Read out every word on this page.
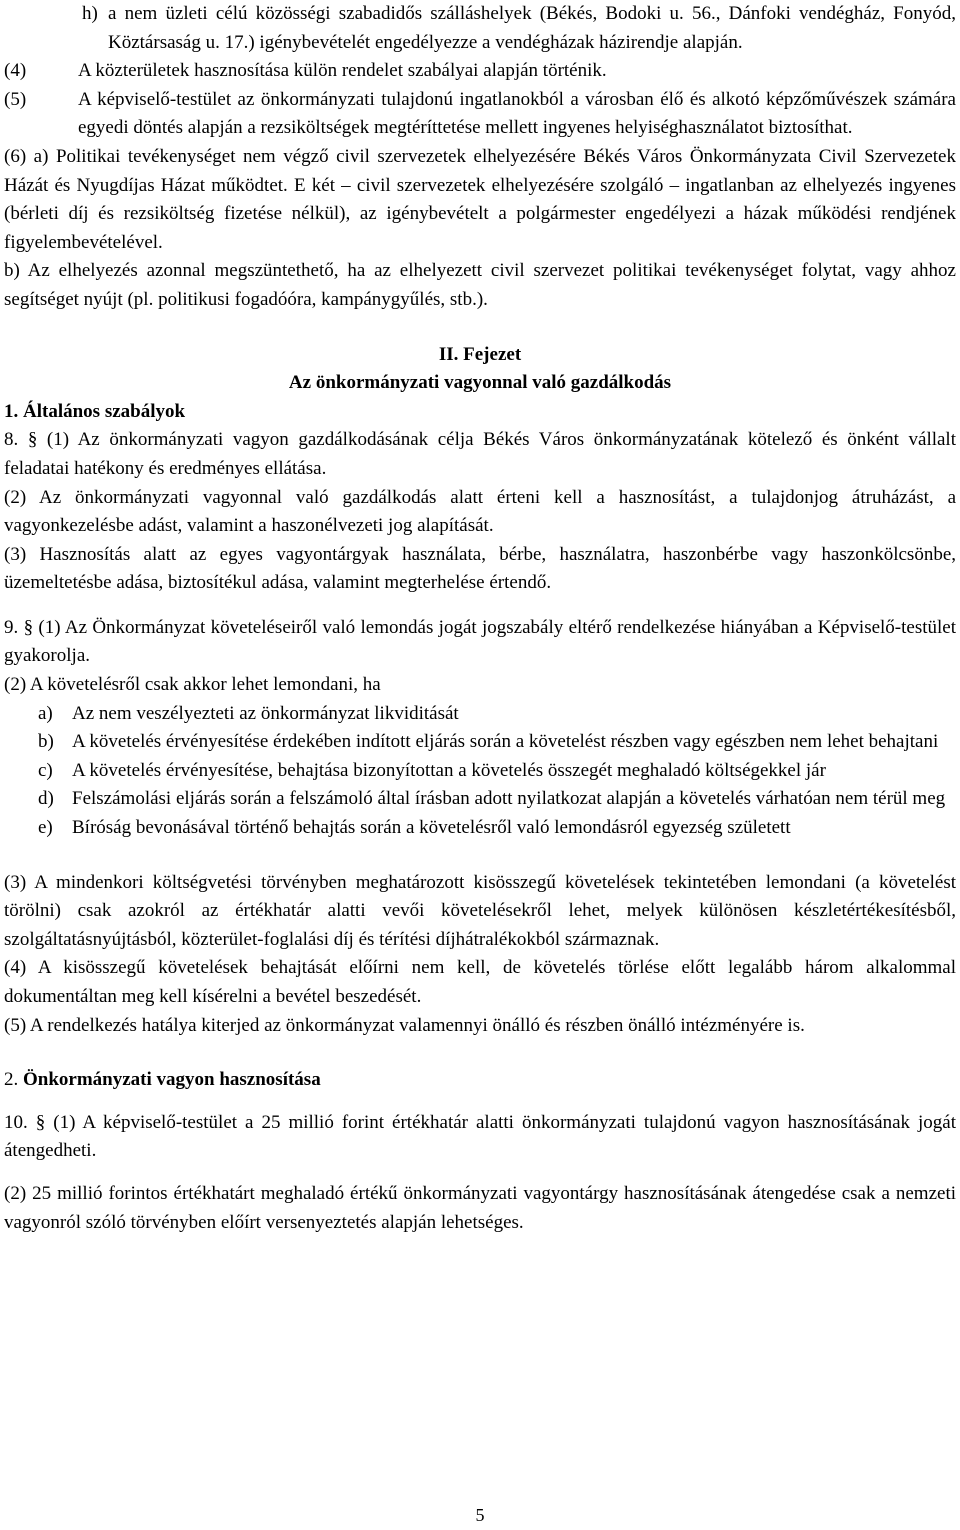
h) a nem üzleti célú közösségi szabadidős szálláshelyek (Békés, Bodoki u. 56., Dánfoki vendégház, Fonyód, Köztársaság u. 17.) igénybevételét engedélyezze a vendégházak házirendje alapján.

(4)	A közterületek hasznosítása külön rendelet szabályai alapján történik.

(5)	A képviselő-testület az önkormányzati tulajdonú ingatlanokból a városban élő és alkotó képzőművészek számára egyedi döntés alapján a rezsiköltségek megtéríttetése mellett ingyenes helyiséghasználatot biztosíthat.

(6) a) Politikai tevékenységet nem végző civil szervezetek elhelyezésére Békés Város Önkormányzata Civil Szervezetek Házát és Nyugdíjas Házat működtet. E két – civil szervezetek elhelyezésére szolgáló – ingatlanban az elhelyezés ingyenes (bérleti díj és rezsiköltség fizetése nélkül), az igénybevételt a polgármester engedélyezi a házak működési rendjének figyelembevételével.

b) Az elhelyezés azonnal megszüntethető, ha az elhelyezett civil szervezet politikai tevékenységet folytat, vagy ahhoz segítséget nyújt (pl. politikusi fogadóóra, kampánygyűlés, stb.).

II. Fejezet

Az önkormányzati vagyonnal való gazdálkodás

1. Általános szabályok

8. § (1) Az önkormányzati vagyon gazdálkodásának célja Békés Város önkormányzatának kötelező és önként vállalt feladatai hatékony és eredményes ellátása.

(2) Az önkormányzati vagyonnal való gazdálkodás alatt érteni kell a hasznosítást, a tulajdonjog átruházást, a vagyonkezelésbe adást, valamint a haszonélvezeti jog alapítását.

(3) Hasznosítás alatt az egyes vagyontárgyak használata, bérbe, használatra, haszonbérbe vagy haszonkölcsönbe, üzemeltetésbe adása, biztosítékul adása, valamint megterhelése értendő.

9. § (1) Az Önkormányzat követeléseiről való lemondás jogát jogszabály eltérő rendelkezése hiányában a Képviselő-testület gyakorolja.

(2) A követelésről csak akkor lehet lemondani, ha

a) Az nem veszélyezteti az önkormányzat likviditását

b) A követelés érvényesítése érdekében indított eljárás során a követelést részben vagy egészben nem lehet behajtani

c) A követelés érvényesítése, behajtása bizonyítottan a követelés összegét meghaladó költségekkel jár

d) Felszámolási eljárás során a felszámoló által írásban adott nyilatkozat alapján a követelés várhatóan nem térül meg

e) Bíróság bevonásával történő behajtás során a követelésről való lemondásról egyezség született

(3) A mindenkori költségvetési törvényben meghatározott kisösszegű követelések tekintetében lemondani (a követelést törölni) csak azokról az értékhatár alatti vevői követelésekről lehet, melyek különösen készletértékesítésből, szolgáltatásnyújtásból, közterület-foglalási díj és térítési díjhátralékokból származnak.

(4) A kisösszegű követelések behajtását előírni nem kell, de követelés törlése előtt legalább három alkalommal dokumentáltan meg kell kísérelni a bevétel beszedését.

(5) A rendelkezés hatálya kiterjed az önkormányzat valamennyi önálló és részben önálló intézményére is.

2. Önkormányzati vagyon hasznosítása

10. § (1) A képviselő-testület a 25 millió forint értékhatár alatti önkormányzati tulajdonú vagyon hasznosításának jogát átengedheti.

(2) 25 millió forintos értékhatárt meghaladó értékű önkormányzati vagyontárgy hasznosításának átengedése csak a nemzeti vagyonról szóló törvényben előírt versenyeztetés alapján lehetséges.

5
